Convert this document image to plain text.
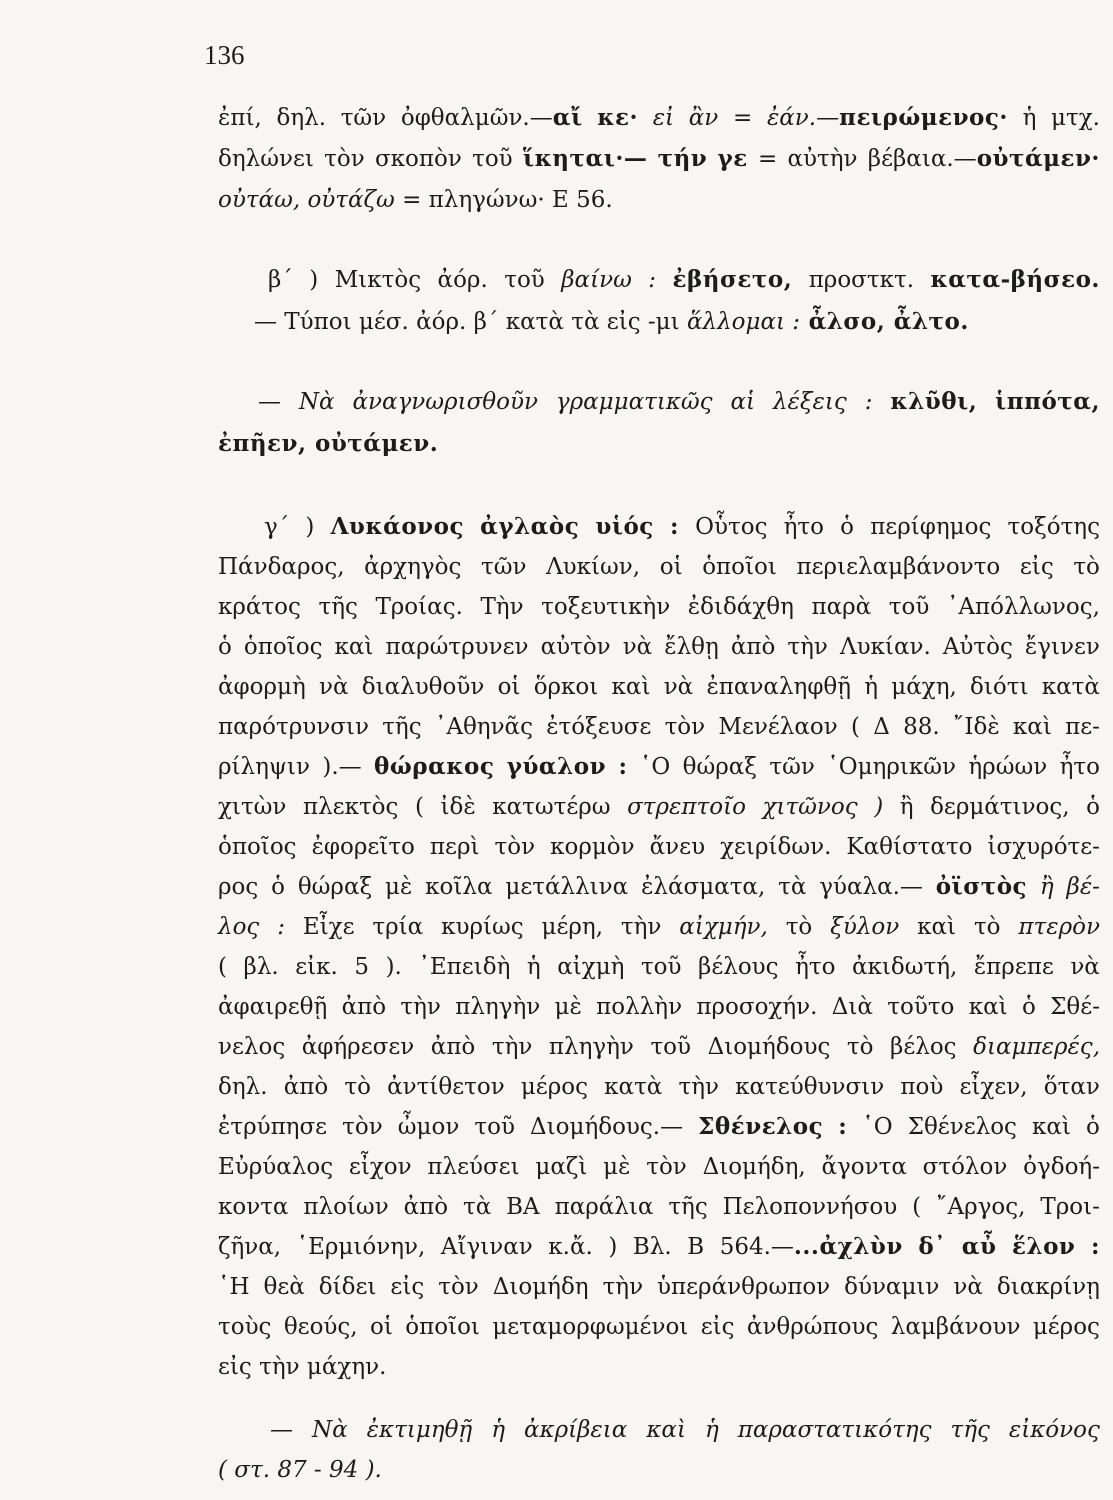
136
ἐπί, δηλ. τῶν ὀφθαλμῶν.—αἴ κε· εἰ ἂν = ἐάν.—πειρώμενος· ἡ μτχ.
δηλώνει τὸν σκοπὸν τοῦ ἵκηται·— τήν γε = αὐτὴν βέβαια.—οὐτάμεν·
οὐτάω, οὐτάζω = πληγώνω· Ε 56.
β΄ ) Μικτὸς ἀόρ. τοῦ βαίνω : ἐβήσετο, προστκτ. κατα-βήσεο.
— Τύποι μέσ. ἀόρ. β΄ κατὰ τὰ εἰς -μι ἅλλομαι : ἆλσο, ἆλτο.
— Νὰ ἀναγνωρισθοῦν γραμματικῶς αἱ λέξεις : κλῦθι, ἱππότα,
ἐπῆεν, οὐτάμεν.
γ΄ ) Λυκάονος ἀγλαὸς υἱός : Οὗτος ἦτο ὁ περίφημος τοξότης
Πάνδαρος, ἀρχηγὸς τῶν Λυκίων, οἱ ὁποῖοι περιελαμβάνοντο εἰς τὸ
κράτος τῆς Τροίας. Τὴν τοξευτικὴν ἐδιδάχθη παρὰ τοῦ ᾿Απόλλωνος,
ὁ ὁποῖος καὶ παρώτρυνεν αὐτὸν νὰ ἔλθῃ ἀπὸ τὴν Λυκίαν. Αὐτὸς ἔγινεν
ἀφορμὴ νὰ διαλυθοῦν οἱ ὅρκοι καὶ νὰ ἐπαναληφθῇ ἡ μάχη, διότι κατὰ
παρότρυνσιν τῆς ᾿Αθηνᾶς ἐτόξευσε τὸν Μενέλαον ( Δ 88. ῎Ιδὲ καὶ πε-
ρίληψιν ).— θώρακος γύαλον : ῾Ο θώραξ τῶν ῾Ομηρικῶν ἡρώων ἦτο
χιτὼν πλεκτὸς ( ἰδὲ κατωτέρω στρεπτοῖο χιτῶνος ) ἢ δερμάτινος, ὁ
ὁποῖος ἐφορεῖτο περὶ τὸν κορμὸν ἄνευ χειρίδων. Καθίστατο ἰσχυρότε-
ρος ὁ θώραξ μὲ κοῖλα μετάλλινα ἐλάσματα, τὰ γύαλα.— ὀϊστὸς ἢ βέ-
λος : Εἶχε τρία κυρίως μέρη, τὴν αἰχμήν, τὸ ξύλον καὶ τὸ πτερὸν
( βλ. εἰκ. 5 ). ᾿Επειδὴ ἡ αἰχμὴ τοῦ βέλους ἦτο ἀκιδωτή, ἔπρεπε νὰ
ἀφαιρεθῇ ἀπὸ τὴν πληγὴν μὲ πολλὴν προσοχήν. Διὰ τοῦτο καὶ ὁ Σθέ-
νελος ἀφήρεσεν ἀπὸ τὴν πληγὴν τοῦ Διομήδους τὸ βέλος διαμπερές,
δηλ. ἀπὸ τὸ ἀντίθετον μέρος κατὰ τὴν κατεύθυνσιν ποὺ εἶχεν, ὅταν
ἐτρύπησε τὸν ὦμον τοῦ Διομήδους.— Σθένελος : ῾Ο Σθένελος καὶ ὁ
Εὐρύαλος εἶχον πλεύσει μαζὶ μὲ τὸν Διομήδη, ἄγοντα στόλον ὀγδοή-
κοντα πλοίων ἀπὸ τὰ ΒΑ παράλια τῆς Πελοποννήσου ( ῎Αργος, Τροι-
ζῆνα, ῾Ερμιόνην, Αἴγιναν κ.ἄ. ) Βλ. Β 564.—...ἀχλὺν δ᾿ αὖ ἕλον :
῾Η θεὰ δίδει εἰς τὸν Διομήδη τὴν ὑπεράνθρωπον δύναμιν νὰ διακρίνῃ
τοὺς θεούς, οἱ ὁποῖοι μεταμορφωμένοι εἰς ἀνθρώπους λαμβάνουν μέρος
εἰς τὴν μάχην.
— Νὰ ἐκτιμηθῇ ἡ ἀκρίβεια καὶ ἡ παραστατικότης τῆς εἰκόνος
( στ. 87 - 94 ).
